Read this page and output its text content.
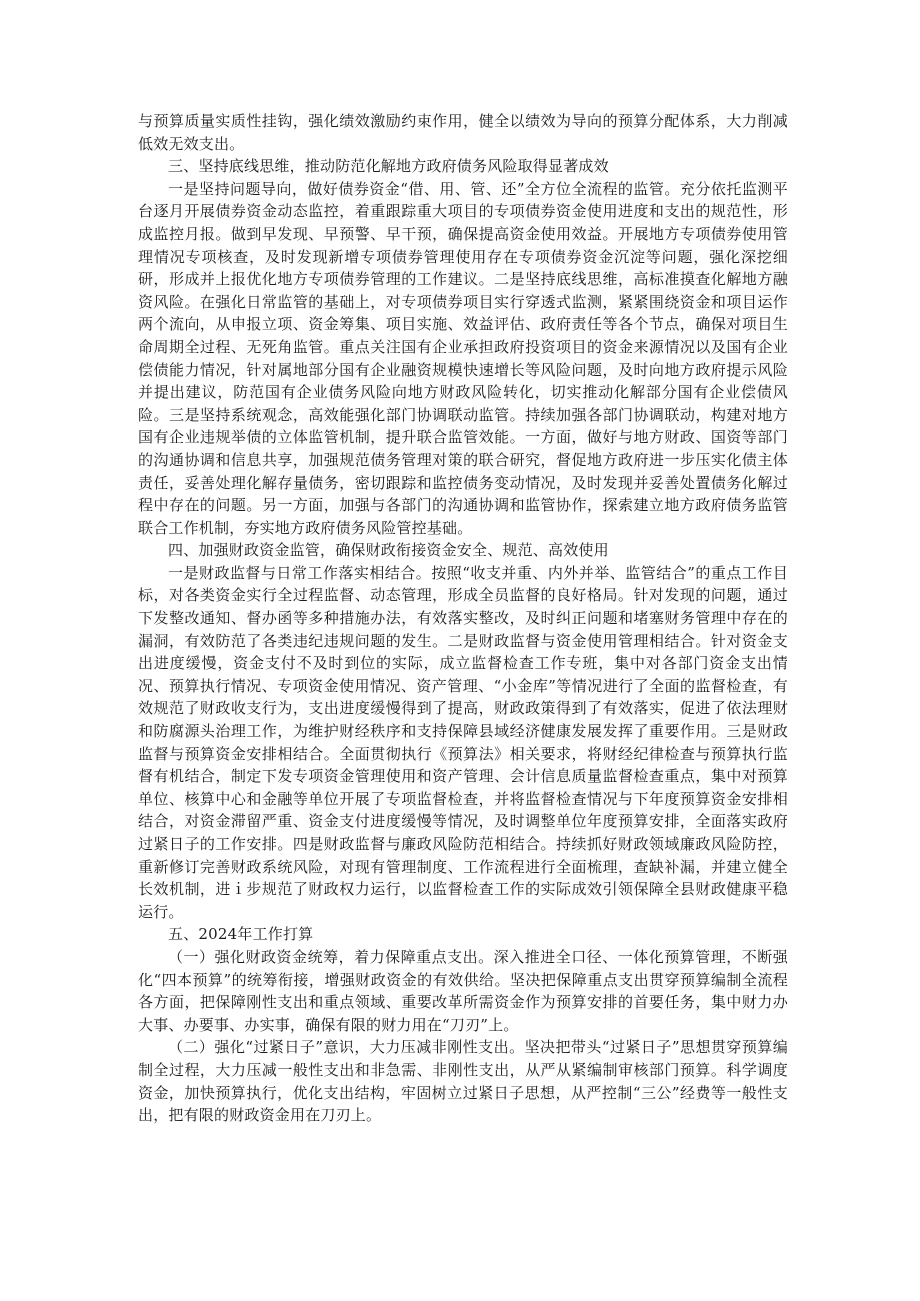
与预算质量实质性挂钩，强化绩效激励约束作用，健全以绩效为导向的预算分配体系，大力削减低效无效支出。

三、坚持底线思维，推动防范化解地方政府债务风险取得显著成效

一是坚持问题导向，做好债券资金“借、用、管、还”全方位全流程的监管。充分依托监测平台逐月开展债券资金动态监控，着重跟踪重大项目的专项债券资金使用进度和支出的规范性，形成监控月报。做到早发现、早预警、早干预，确保提高资金使用效益。开展地方专项债券使用管理情况专项核查，及时发现新增专项债券管理使用存在专项债券资金沉淀等问题，强化深挖细研，形成并上报优化地方专项债券管理的工作建议。二是坚持底线思维，高标准摸查化解地方融资风险。在强化日常监管的基础上，对专项债券项目实行穿透式监测，紧紧围绕资金和项目运作两个流向，从申报立项、资金筹集、项目实施、效益评估、政府责任等各个节点，确保对项目生命周期全过程、无死角监管。重点关注国有企业承担政府投资项目的资金来源情况以及国有企业偿债能力情况，针对属地部分国有企业融资规模快速增长等风险问题，及时向地方政府提示风险并提出建议，防范国有企业债务风险向地方财政风险转化，切实推动化解部分国有企业偿债风险。三是坚持系统观念，高效能强化部门协调联动监管。持续加强各部门协调联动，构建对地方国有企业违规举债的立体监管机制，提升联合监管效能。一方面，做好与地方财政、国资等部门的沟通协调和信息共享，加强规范债务管理对策的联合研究，督促地方政府进一步压实化债主体责任，妥善处理化解存量债务，密切跟踪和监控债务变动情况，及时发现并妥善处置债务化解过程中存在的问题。另一方面，加强与各部门的沟通协调和监管协作，探索建立地方政府债务监管联合工作机制，夯实地方政府债务风险管控基础。

四、加强财政资金监管，确保财政衔接资金安全、规范、高效使用

一是财政监督与日常工作落实相结合。按照“收支并重、内外并举、监管结合”的重点工作目标，对各类资金实行全过程监督、动态管理，形成全员监督的良好格局。针对发现的问题，通过下发整改通知、督办函等多种措施办法，有效落实整改，及时纠正问题和堵塞财务管理中存在的漏洞，有效防范了各类违纪违规问题的发生。二是财政监督与资金使用管理相结合。针对资金支出进度缓慢，资金支付不及时到位的实际，成立监督检查工作专班，集中对各部门资金支出情况、预算执行情况、专项资金使用情况、资产管理、“小金库”等情况进行了全面的监督检查，有效规范了财政收支行为，支出进度缓慢得到了提高，财政政策得到了有效落实，促进了依法理财和防腐源头治理工作，为维护财经秩序和支持保障县域经济健康发展发挥了重要作用。三是财政监督与预算资金安排相结合。全面贯彻执行《预算法》相关要求，将财经纪律检查与预算执行监督有机结合，制定下发专项资金管理使用和资产管理、会计信息质量监督检查重点，集中对预算单位、核算中心和金融等单位开展了专项监督检查，并将监督检查情况与下年度预算资金安排相结合，对资金滞留严重、资金支付进度缓慢等情况，及时调整单位年度预算安排，全面落实政府过紧日子的工作安排。四是财政监督与廉政风险防范相结合。持续抓好财政领域廉政风险防控，重新修订完善财政系统风险，对现有管理制度、工作流程进行全面梳理，查缺补漏，并建立健全长效机制，进ｉ步规范了财政权力运行，以监督检查工作的实际成效引领保障全县财政健康平稳运行。

五、2024年工作打算

（一）强化财政资金统筹，着力保障重点支出。深入推进全口径、一体化预算管理，不断强化“四本预算”的统筹衔接，增强财政资金的有效供给。坚决把保障重点支出贯穿预算编制全流程各方面，把保障刚性支出和重点领域、重要改革所需资金作为预算安排的首要任务，集中财力办大事、办要事、办实事，确保有限的财力用在“刀刃”上。

（二）强化“过紧日子”意识，大力压减非刚性支出。坚决把带头“过紧日子”思想贯穿预算编制全过程，大力压减一般性支出和非急需、非刚性支出，从严从紧编制审核部门预算。科学调度资金，加快预算执行，优化支出结构，牢固树立过紧日子思想，从严控制“三公”经费等一般性支出，把有限的财政资金用在刀刃上。
